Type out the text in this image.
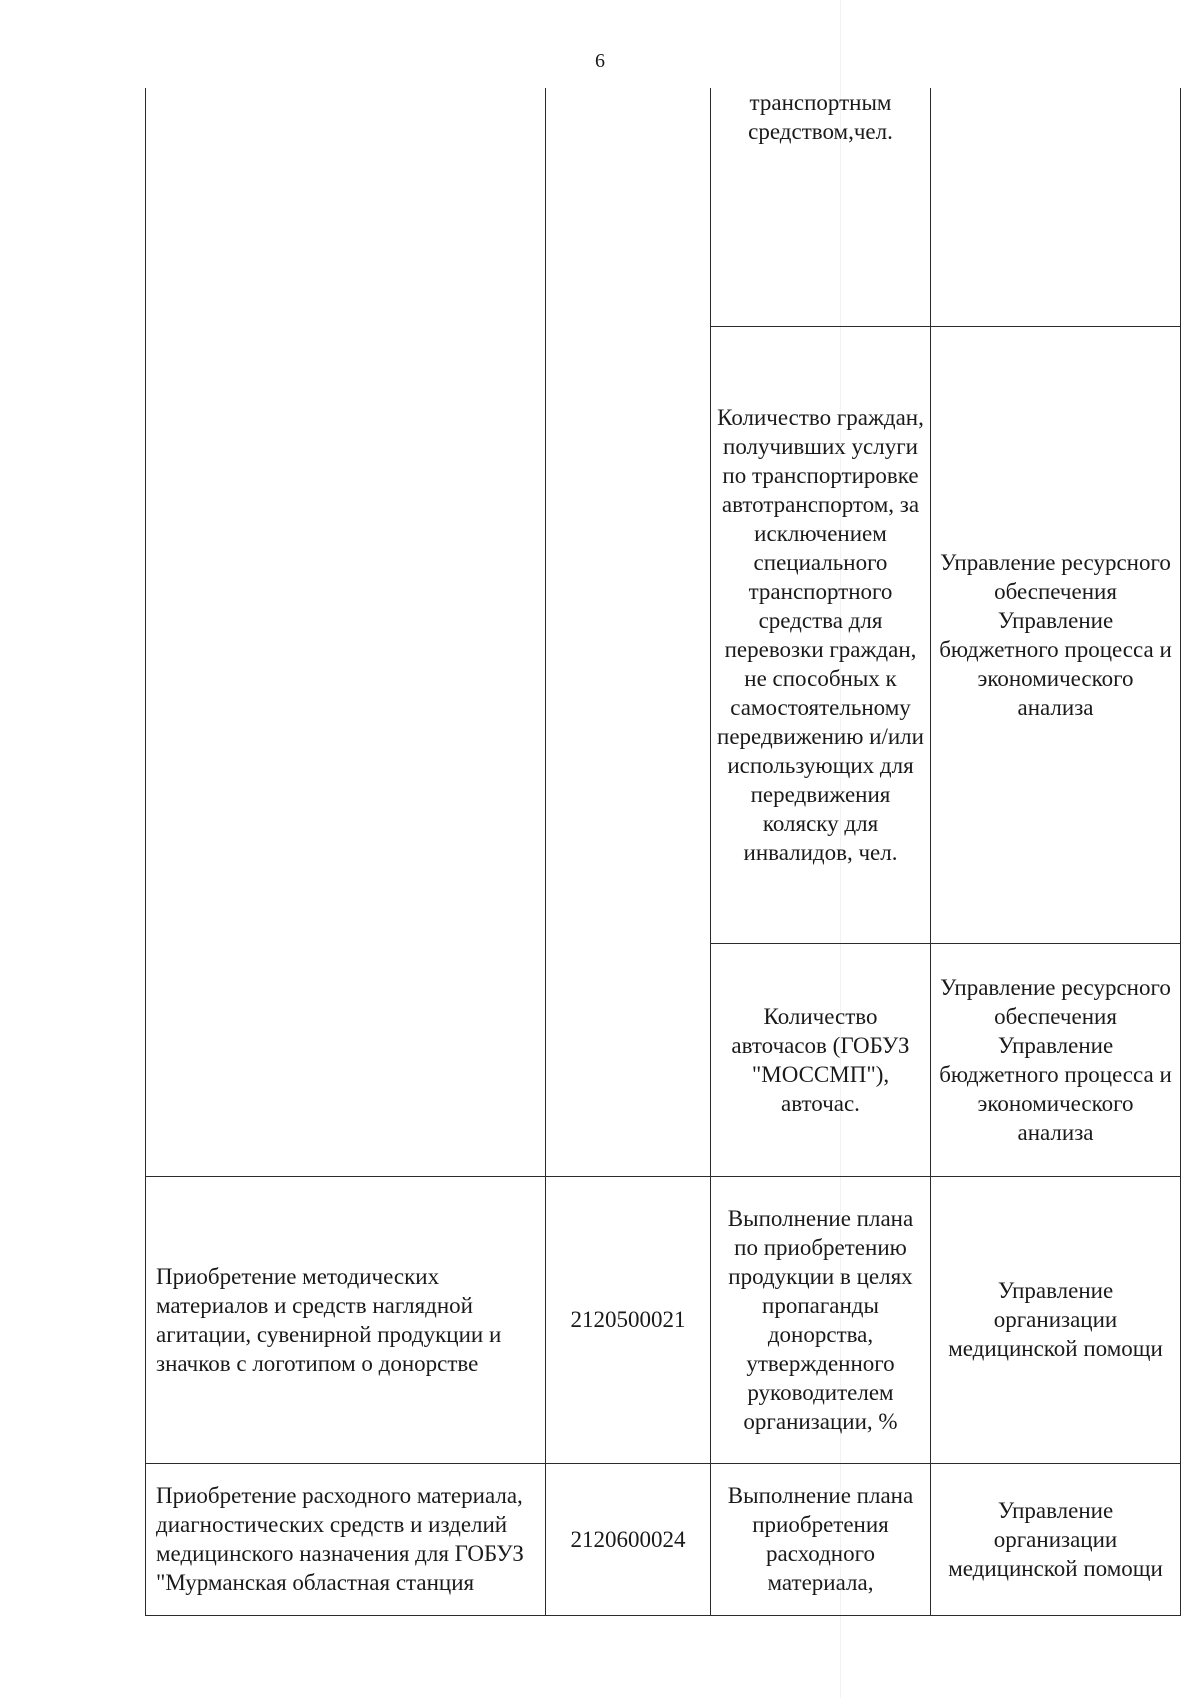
6
		транспортным средством,чел.	
		Количество граждан, получивших услуги по транспортировке автотранспортом, за исключением специального транспортного средства для перевозки граждан, не способных к самостоятельному передвижению и/или использующих для передвижения коляску для инвалидов, чел.	Управление ресурсного обеспечения Управление бюджетного процесса и экономического анализа
		Количество авточасов (ГОБУЗ "МОССМП"), авточас.	Управление ресурсного обеспечения Управление бюджетного процесса и экономического анализа
Приобретение методических материалов и средств наглядной агитации, сувенирной продукции и значков с логотипом о донорстве	2120500021	Выполнение плана по приобретению продукции в целях пропаганды донорства, утвержденного руководителем организации, %	Управление организации медицинской помощи
Приобретение расходного материала, диагностических средств и изделий медицинского назначения для ГОБУЗ "Мурманская областная станция	2120600024	Выполнение плана приобретения расходного материала,	Управление организации медицинской помощи
